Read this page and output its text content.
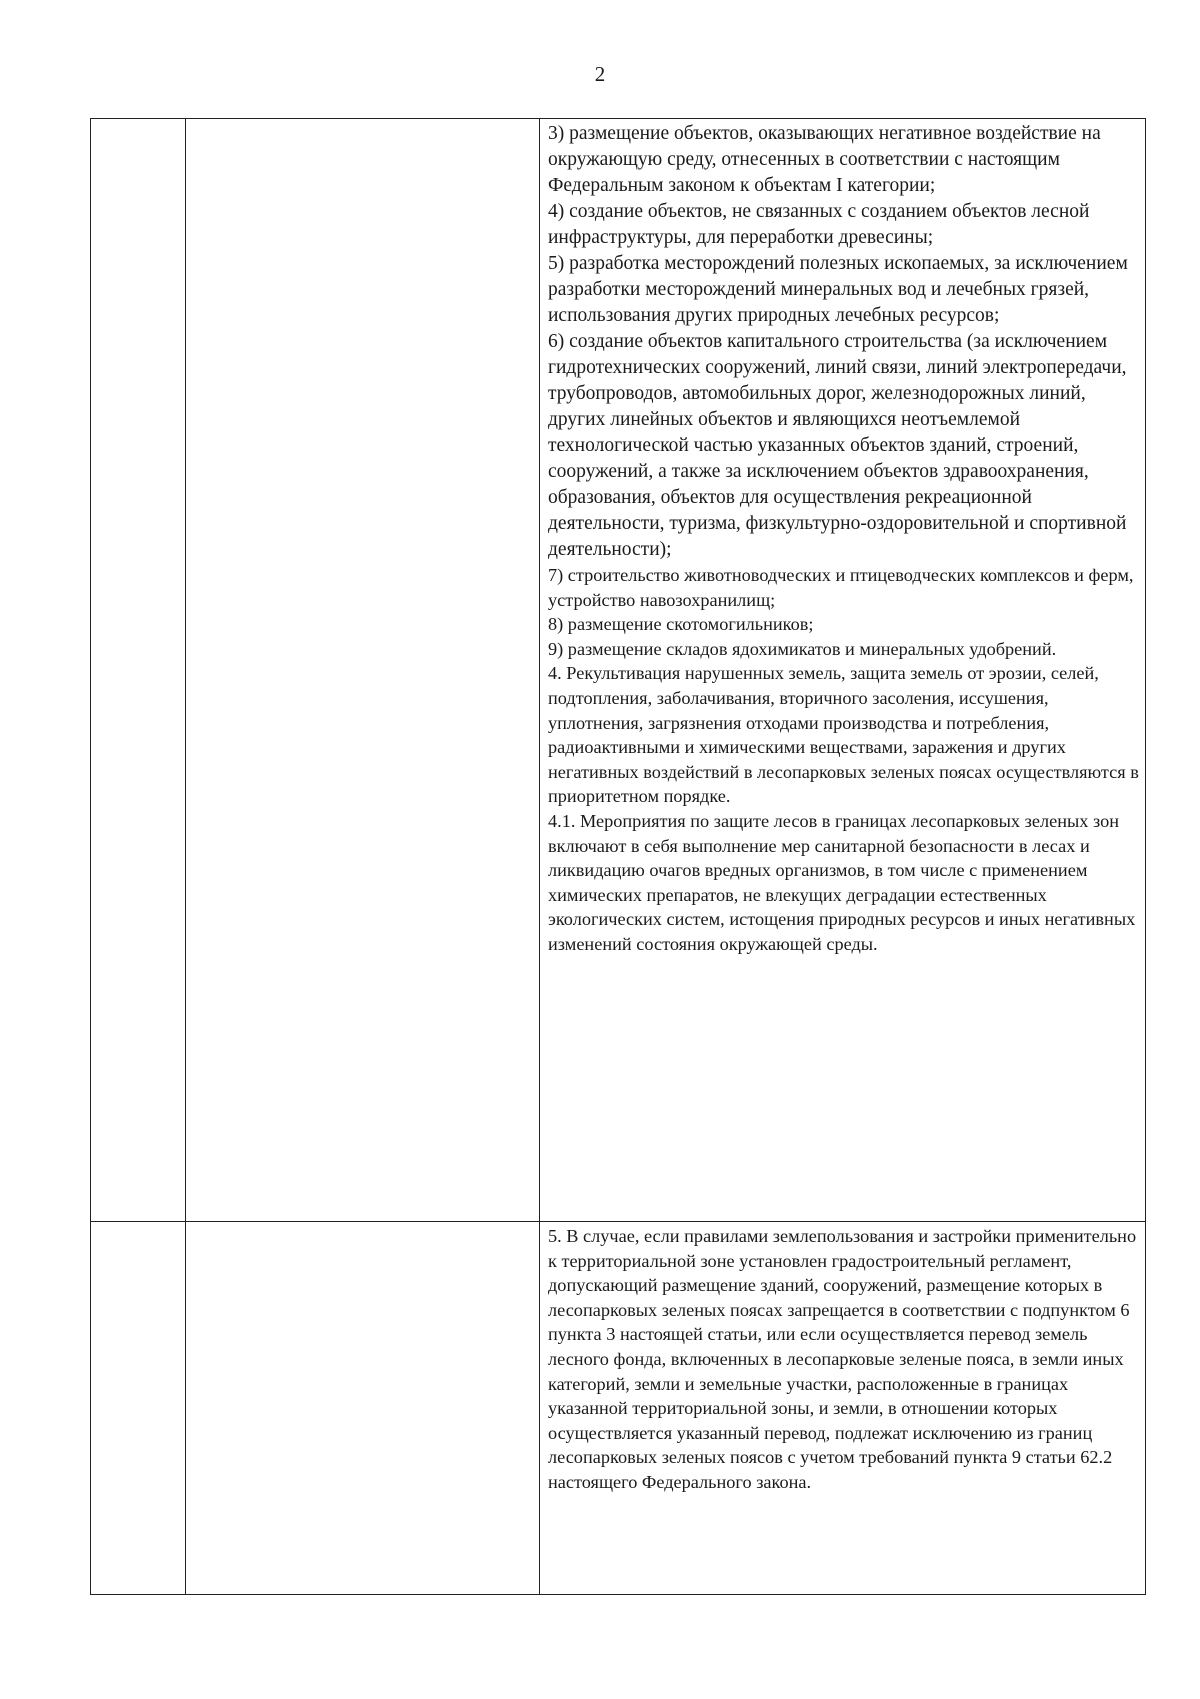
2

3) размещение объектов, оказывающих негативное воздействие на окружающую среду, отнесенных в соответствии с настоящим Федеральным законом к объектам I категории;

4) создание объектов, не связанных с созданием объектов лесной инфраструктуры, для переработки древесины;

5) разработка месторождений полезных ископаемых, за исключением разработки месторождений минеральных вод и лечебных грязей, использования других природных лечебных ресурсов;

6) создание объектов капитального строительства (за исключением гидротехнических сооружений, линий связи, линий электропередачи, трубопроводов, автомобильных дорог, железнодорожных линий, других линейных объектов и являющихся неотъемлемой технологической частью указанных объектов зданий, строений, сооружений, а также за исключением объектов здравоохранения, образования, объектов для осуществления рекреационной деятельности, туризма, физкультурно-оздоровительной и спортивной деятельности);

7) строительство животноводческих и птицеводческих комплексов и ферм, устройство навозохранилищ;

8) размещение скотомогильников;

9) размещение складов ядохимикатов и минеральных удобрений.

4. Рекультивация нарушенных земель, защита земель от эрозии, селей, подтопления, заболачивания, вторичного засоления, иссушения, уплотнения, загрязнения отходами производства и потребления, радиоактивными и химическими веществами, заражения и других негативных воздействий в лесопарковых зеленых поясах осуществляются в приоритетном порядке.

4.1. Мероприятия по защите лесов в границах лесопарковых зеленых зон включают в себя выполнение мер санитарной безопасности в лесах и ликвидацию очагов вредных организмов, в том числе с применением химических препаратов, не влекущих деградации естественных экологических систем, истощения природных ресурсов и иных негативных изменений состояния окружающей среды.

5. В случае, если правилами землепользования и застройки применительно к территориальной зоне установлен градостроительный регламент, допускающий размещение зданий, сооружений, размещение которых в лесопарковых зеленых поясах запрещается в соответствии с подпунктом 6 пункта 3 настоящей статьи, или если осуществляется перевод земель лесного фонда, включенных в лесопарковые зеленые пояса, в земли иных категорий, земли и земельные участки, расположенные в границах указанной территориальной зоны, и земли, в отношении которых осуществляется указанный перевод, подлежат исключению из границ лесопарковых зеленых поясов с учетом требований пункта 9 статьи 62.2 настоящего Федерального закона.
